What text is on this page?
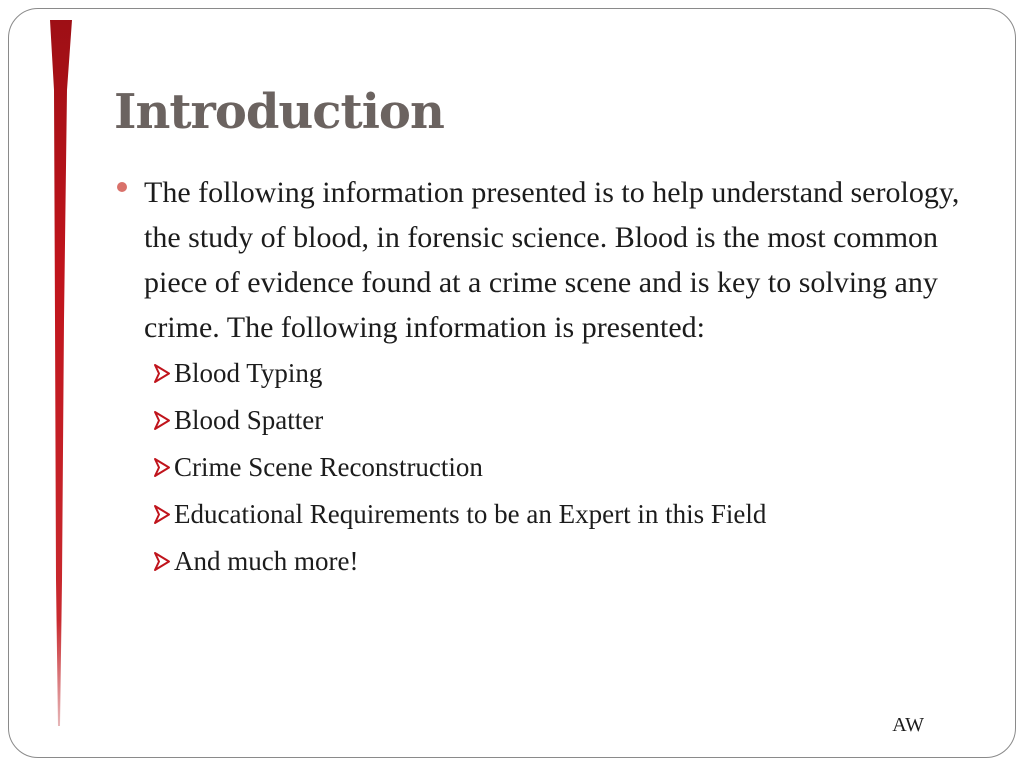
Introduction

The following information presented is to help understand serology, the study of blood, in forensic science. Blood is the most common piece of evidence found at a crime scene and is key to solving any crime. The following information is presented:

Blood Typing
Blood Spatter
Crime Scene Reconstruction
Educational Requirements to be an Expert in this Field
And much more!
AW
